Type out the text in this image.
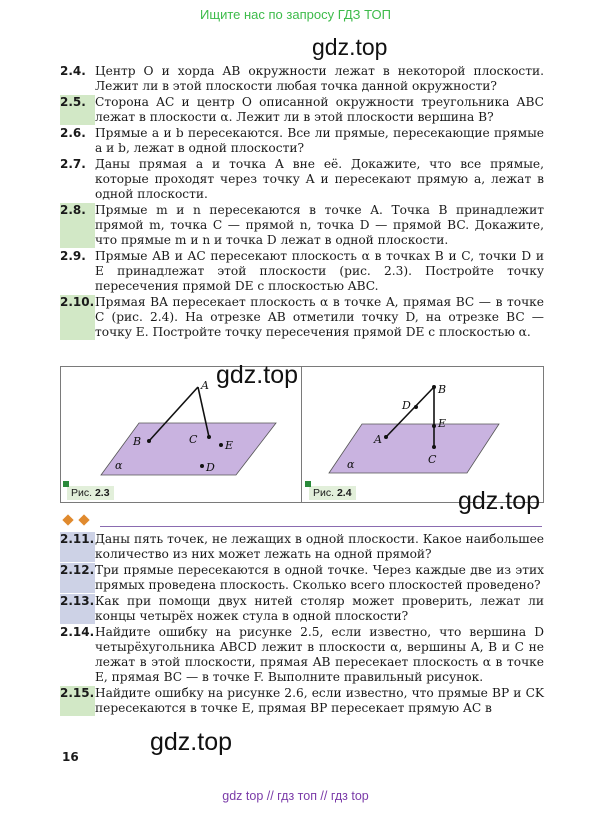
Ищите нас по запросу ГДЗ ТОП
gdz.top
2.4. Центр O и хорда AB окружности лежат в некоторой плоскости. Лежит ли в этой плоскости любая точка данной окружности?
2.5. Сторона AC и центр O описанной окружности треугольника ABC лежат в плоскости α. Лежит ли в этой плоскости вершина B?
2.6. Прямые a и b пересекаются. Все ли прямые, пересекающие прямые a и b, лежат в одной плоскости?
2.7. Даны прямая a и точка A вне её. Докажите, что все прямые, которые проходят через точку A и пересекают прямую a, лежат в одной плоскости.
2.8. Прямые m и n пересекаются в точке A. Точка B принадлежит прямой m, точка C — прямой n, точка D — прямой BC. Докажите, что прямые m и n и точка D лежат в одной плоскости.
2.9. Прямые AB и AC пересекают плоскость α в точках B и C, точки D и E принадлежат этой плоскости (рис. 2.3). Постройте точку пересечения прямой DE с плоскостью ABC.
2.10. Прямая BA пересекает плоскость α в точке A, прямая BC — в точке C (рис. 2.4). На отрезке AB отметили точку D, на отрезке BC — точку E. Постройте точку пересечения прямой DE с плоскостью α.
A
B	C	E
D
α
B
D
E
A
C
α
Рис. 2.3	Рис. 2.4
gdz.top
gdz.top
2.11. Даны пять точек, не лежащих в одной плоскости. Какое наибольшее количество из них может лежать на одной прямой?
2.12. Три прямые пересекаются в одной точке. Через каждые две из этих прямых проведена плоскость. Сколько всего плоскостей проведено?
2.13. Как при помощи двух нитей столяр может проверить, лежат ли концы четырёх ножек стула в одной плоскости?
2.14. Найдите ошибку на рисунке 2.5, если известно, что вершина D четырёхугольника ABCD лежит в плоскости α, вершины A, B и C не лежат в этой плоскости, прямая AB пересекает плоскость α в точке E, прямая BC — в точке F. Выполните правильный рисунок.
2.15. Найдите ошибку на рисунке 2.6, если известно, что прямые BP и CK пересекаются в точке E, прямая BP пересекает прямую AC в
gdz.top
16
gdz top // гдз топ // гдз top
